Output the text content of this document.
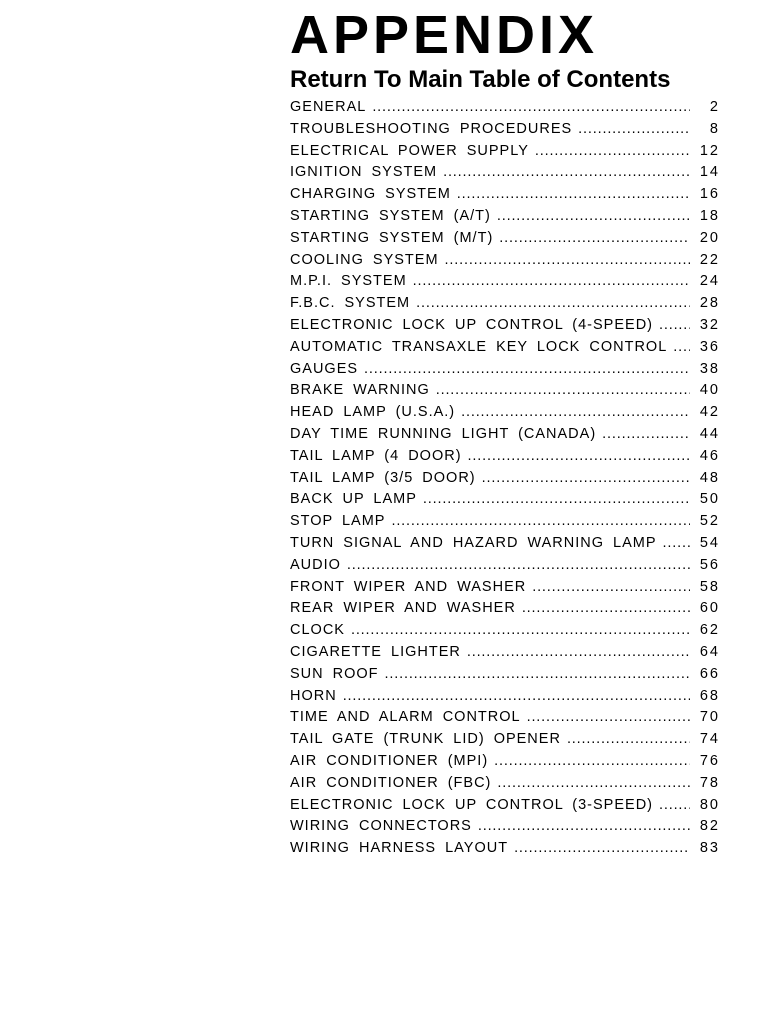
APPENDIX
Return To Main Table of Contents
GENERAL . . .	2
TROUBLESHOOTING PROCEDURES . . .	8
ELECTRICAL POWER SUPPLY . . .	12
IGNITION SYSTEM . . .	14
CHARGING SYSTEM . . .	16
STARTING SYSTEM (A/T) . . .	18
STARTING SYSTEM (M/T) . . .	20
COOLING SYSTEM . . .	22
M.P.I. SYSTEM . . .	24
F.B.C. SYSTEM . . .	28
ELECTRONIC LOCK UP CONTROL (4-SPEED) . . .	32
AUTOMATIC TRANSAXLE KEY LOCK CONTROL . . . 36
GAUGES . . .	38
BRAKE WARNING . . .	40
HEAD LAMP (U.S.A.) . . .	42
DAY TIME RUNNING LIGHT (CANADA) . . .	44
TAIL LAMP (4 DOOR) . . .	46
TAIL LAMP (3/5 DOOR) . . .	48
BACK UP LAMP . . .	50
STOP LAMP . . .	52
TURN SIGNAL AND HAZARD WARNING LAMP . . .	54
AUDIO . . .	56
FRONT WIPER AND WASHER . . .	58
REAR WIPER AND WASHER . . .	60
CLOCK . . .	62
CIGARETTE LIGHTER . . .	64
SUN ROOF . . .	66
HORN . . .	68
TIME AND ALARM CONTROL . . .	70
TAIL GATE (TRUNK LID) OPENER . . .	74
AIR CONDITIONER (MPI) . . .	76
AIR CONDITIONER (FBC) . . .	78
ELECTRONIC LOCK UP CONTROL (3-SPEED) . . .	80
WIRING CONNECTORS . . .	82
WIRING HARNESS LAYOUT . . .	83
